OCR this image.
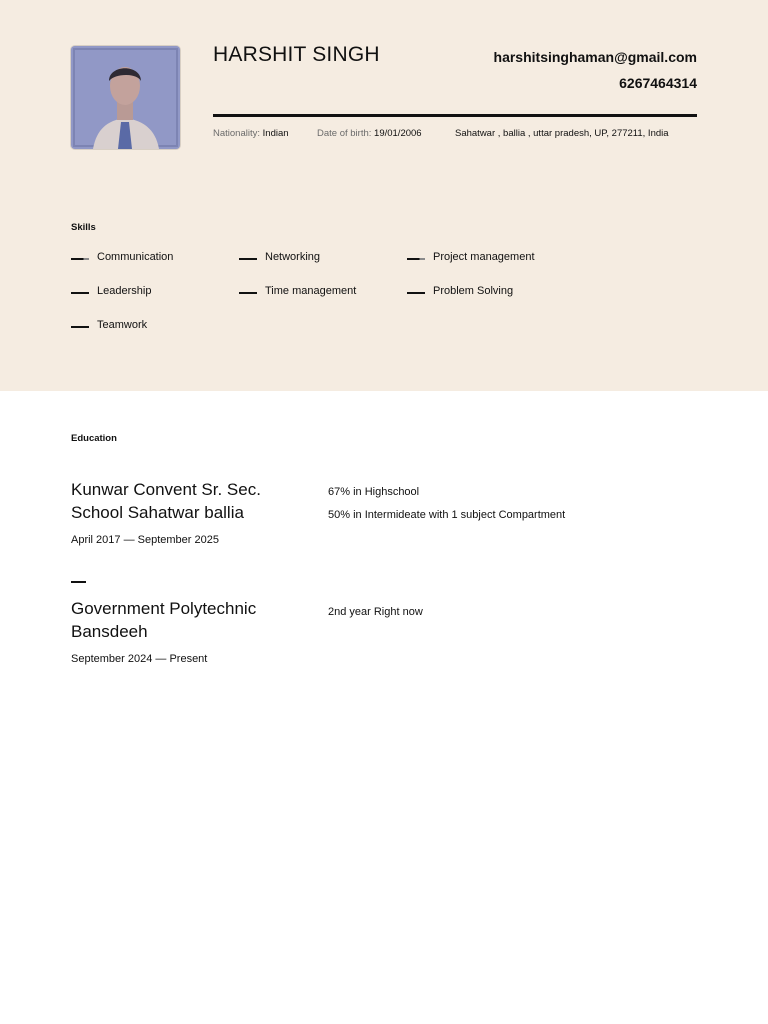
HARSHIT SINGH	harshitsinghaman@gmail.com
6267464314
Nationality: Indian	Date of birth: 19/01/2006	Sahatwar , ballia , uttar pradesh, UP, 277211, India
Skills
Communication	Networking	Project management
Leadership	Time management	Problem Solving
Teamwork
Education
Kunwar Convent Sr. Sec. School Sahatwar ballia
April 2017 — September 2025
67% in Highschool
50% in Intermideate with 1 subject Compartment
Government Polytechnic Bansdeeh
September 2024 — Present
2nd year Right now
